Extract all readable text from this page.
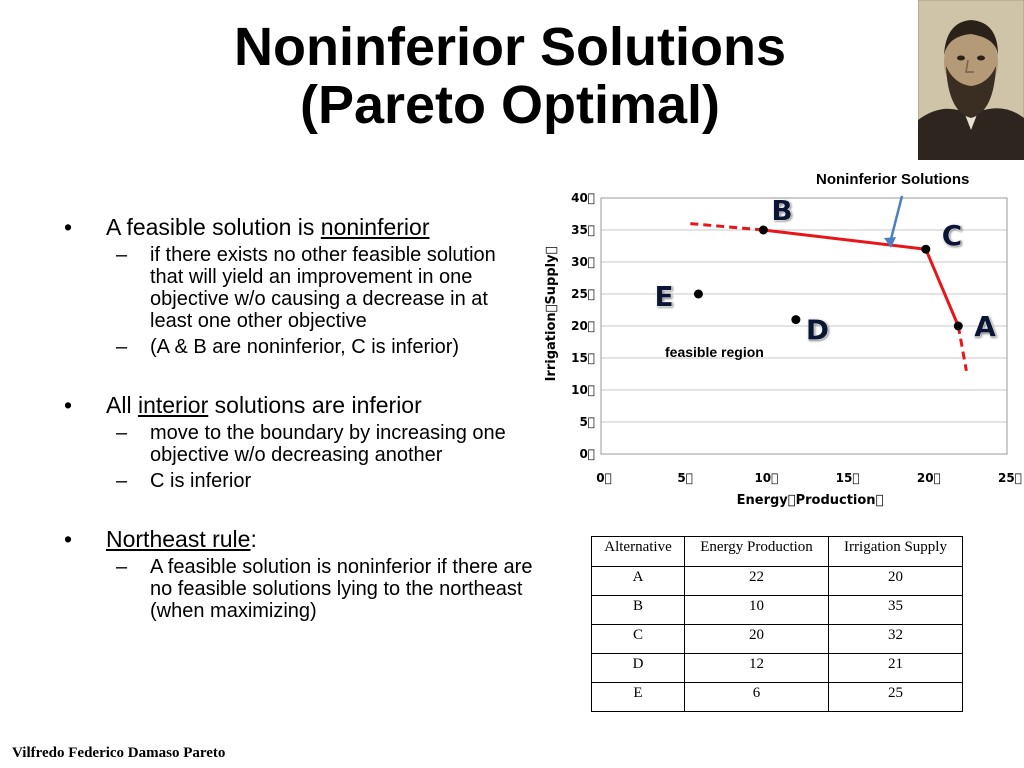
Noninferior Solutions
(Pareto Optimal)
• A feasible solution is noninferior
– if there exists no other feasible solution that will yield an improvement in one objective w/o causing a decrease in at least one other objective
– (A & B are noninferior, C is inferior)
• All interior solutions are inferior
– move to the boundary by increasing one objective w/o decreasing another
– C is inferior
• Northeast rule:
– A feasible solution is noninferior if there are no feasible solutions lying to the northeast (when maximizing)
Noninferior Solutions
0 
5 
10 
15 
20 
25 
30 
35 
40 
0 	5 	10 	15 	20 	25 
Energy Production 
Irrigation Supply 	A
B
C
D
E
feasible region
Alternative	Energy Production	Irrigation Supply
A	22	20
B	10	35
C	20	32
D	12	21
E	6	25
Vilfredo Federico Damaso Pareto
